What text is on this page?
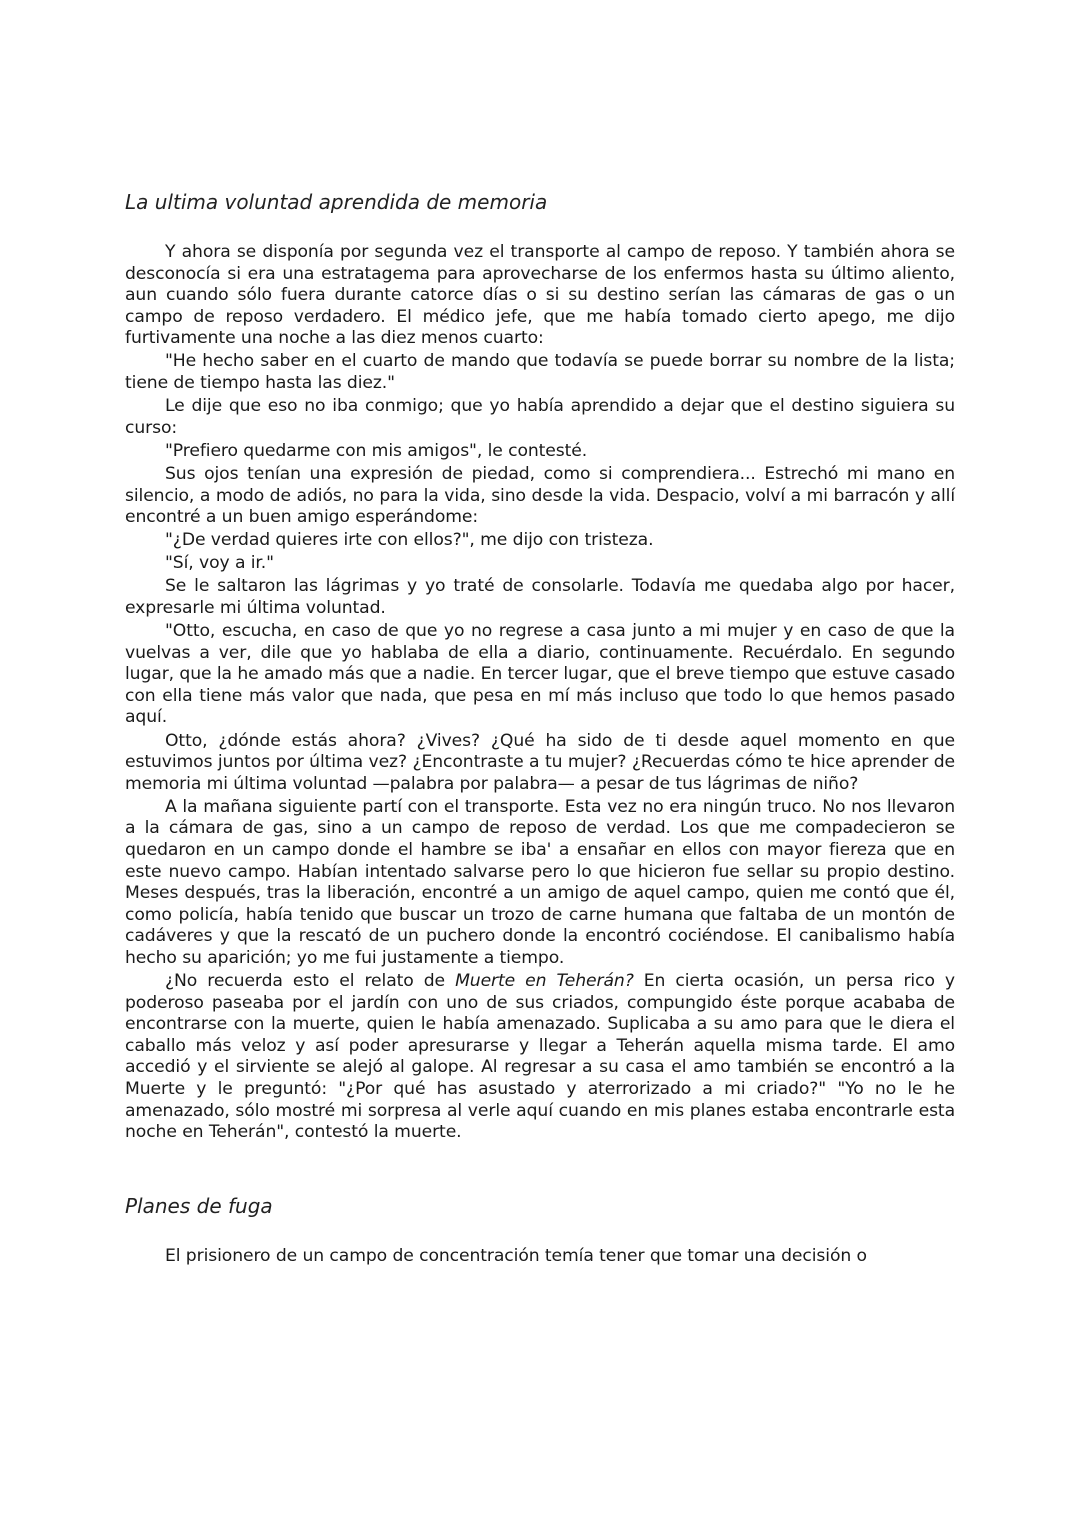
La ultima voluntad aprendida de memoria

Y ahora se disponía por segunda vez el transporte al campo de reposo. Y también ahora se desconocía si era una estratagema para aprovecharse de los enfermos hasta su último aliento, aun cuando sólo fuera durante catorce días o si su destino serían las cámaras de gas o un campo de reposo verdadero. El médico jefe, que me había tomado cierto apego, me dijo furtivamente una noche a las diez menos cuarto:

"He hecho saber en el cuarto de mando que todavía se puede borrar su nombre de la lista; tiene de tiempo hasta las diez."

Le dije que eso no iba conmigo; que yo había aprendido a dejar que el destino siguiera su curso:

"Prefiero quedarme con mis amigos", le contesté.

Sus ojos tenían una expresión de piedad, como si comprendiera... Estrechó mi mano en silencio, a modo de adiós, no para la vida, sino desde la vida. Despacio, volví a mi barracón y allí encontré a un buen amigo esperándome:

"¿De verdad quieres irte con ellos?", me dijo con tristeza.

"Sí, voy a ir."

Se le saltaron las lágrimas y yo traté de consolarle. Todavía me quedaba algo por hacer, expresarle mi última voluntad.

"Otto, escucha, en caso de que yo no regrese a casa junto a mi mujer y en caso de que la vuelvas a ver, dile que yo hablaba de ella a diario, continuamente. Recuérdalo. En segundo lugar, que la he amado más que a nadie. En tercer lugar, que el breve tiempo que estuve casado con ella tiene más valor que nada, que pesa en mí más incluso que todo lo que hemos pasado aquí.

Otto, ¿dónde estás ahora? ¿Vives? ¿Qué ha sido de ti desde aquel momento en que estuvimos juntos por última vez? ¿Encontraste a tu mujer? ¿Recuerdas cómo te hice aprender de memoria mi última voluntad —palabra por palabra— a pesar de tus lágrimas de niño?

A la mañana siguiente partí con el transporte. Esta vez no era ningún truco. No nos llevaron a la cámara de gas, sino a un campo de reposo de verdad. Los que me compadecieron se quedaron en un campo donde el hambre se iba' a ensañar en ellos con mayor fiereza que en este nuevo campo. Habían intentado salvarse pero lo que hicieron fue sellar su propio destino. Meses después, tras la liberación, encontré a un amigo de aquel campo, quien me contó que él, como policía, había tenido que buscar un trozo de carne humana que faltaba de un montón de cadáveres y que la rescató de un puchero donde la encontró cociéndose. El canibalismo había hecho su aparición; yo me fui justamente a tiempo.

¿No recuerda esto el relato de Muerte en Teherán? En cierta ocasión, un persa rico y poderoso paseaba por el jardín con uno de sus criados, compungido éste porque acababa de encontrarse con la muerte, quien le había amenazado. Suplicaba a su amo para que le diera el caballo más veloz y así poder apresurarse y llegar a Teherán aquella misma tarde. El amo accedió y el sirviente se alejó al galope. Al regresar a su casa el amo también se encontró a la Muerte y le preguntó: "¿Por qué has asustado y aterrorizado a mi criado?" "Yo no le he amenazado, sólo mostré mi sorpresa al verle aquí cuando en mis planes estaba encontrarle esta noche en Teherán", contestó la muerte.

Planes de fuga

El prisionero de un campo de concentración temía tener que tomar una decisión o
